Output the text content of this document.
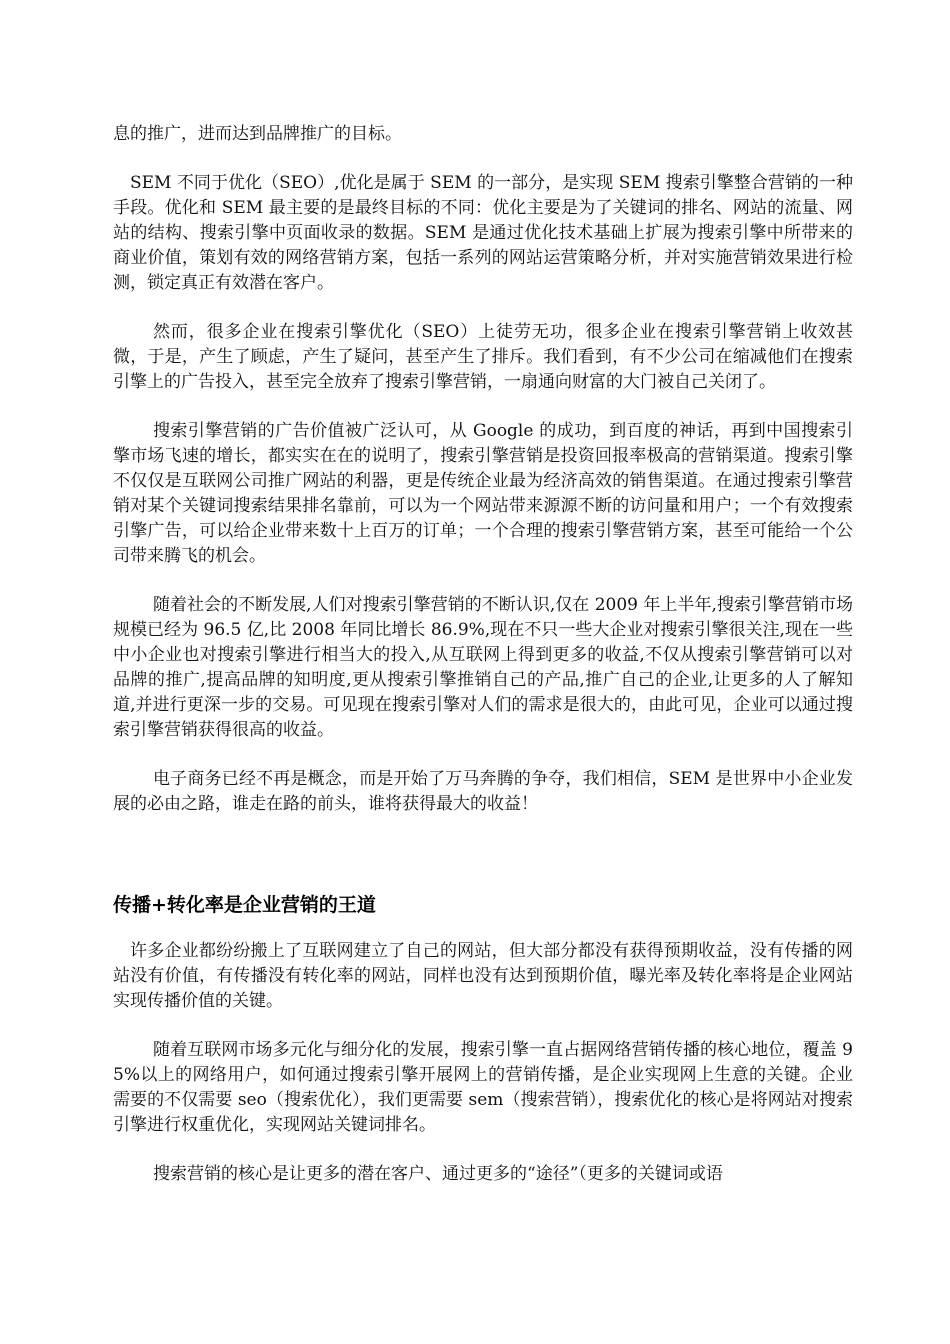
息的推广，进而达到品牌推广的目标。

SEM 不同于优化（SEO）,优化是属于 SEM 的一部分，是实现 SEM 搜索引擎整合营销的一种手段。优化和 SEM 最主要的是最终目标的不同：优化主要是为了关键词的排名、网站的流量、网站的结构、搜索引擎中页面收录的数据。SEM 是通过优化技术基础上扩展为搜索引擎中所带来的商业价值，策划有效的网络营销方案，包括一系列的网站运营策略分析，并对实施营销效果进行检测，锁定真正有效潜在客户。

然而，很多企业在搜索引擎优化（SEO）上徒劳无功，很多企业在搜索引擎营销上收效甚微，于是，产生了顾虑，产生了疑问，甚至产生了排斥。我们看到，有不少公司在缩减他们在搜索引擎上的广告投入，甚至完全放弃了搜索引擎营销，一扇通向财富的大门被自己关闭了。

搜索引擎营销的广告价值被广泛认可，从 Google 的成功，到百度的神话，再到中国搜索引擎市场飞速的增长，都实实在在的说明了，搜索引擎营销是投资回报率极高的营销渠道。搜索引擎不仅仅是互联网公司推广网站的利器，更是传统企业最为经济高效的销售渠道。在通过搜索引擎营销对某个关键词搜索结果排名靠前，可以为一个网站带来源源不断的访问量和用户；一个有效搜索引擎广告，可以给企业带来数十上百万的订单；一个合理的搜索引擎营销方案，甚至可能给一个公司带来腾飞的机会。

随着社会的不断发展,人们对搜索引擎营销的不断认识,仅在 2009 年上半年,搜索引擎营销市场规模已经为 96.5 亿,比 2008 年同比增长 86.9%,现在不只一些大企业对搜索引擎很关注,现在一些中小企业也对搜索引擎进行相当大的投入,从互联网上得到更多的收益,不仅从搜索引擎营销可以对品牌的推广,提高品牌的知明度,更从搜索引擎推销自己的产品,推广自己的企业,让更多的人了解知道,并进行更深一步的交易。可见现在搜索引擎对人们的需求是很大的，由此可见，企业可以通过搜索引擎营销获得很高的收益。

电子商务已经不再是概念，而是开始了万马奔腾的争夺，我们相信，SEM 是世界中小企业发展的必由之路，谁走在路的前头，谁将获得最大的收益！

传播+转化率是企业营销的王道

许多企业都纷纷搬上了互联网建立了自己的网站，但大部分都没有获得预期收益，没有传播的网站没有价值，有传播没有转化率的网站，同样也没有达到预期价值，曝光率及转化率将是企业网站实现传播价值的关键。

随着互联网市场多元化与细分化的发展，搜索引擎一直占据网络营销传播的核心地位，覆盖 95%以上的网络用户，如何通过搜索引擎开展网上的营销传播，是企业实现网上生意的关键。企业需要的不仅需要 seo（搜索优化），我们更需要 sem（搜索营销），搜索优化的核心是将网站对搜索引擎进行权重优化，实现网站关键词排名。

搜索营销的核心是让更多的潜在客户、通过更多的“途径”（更多的关键词或语
